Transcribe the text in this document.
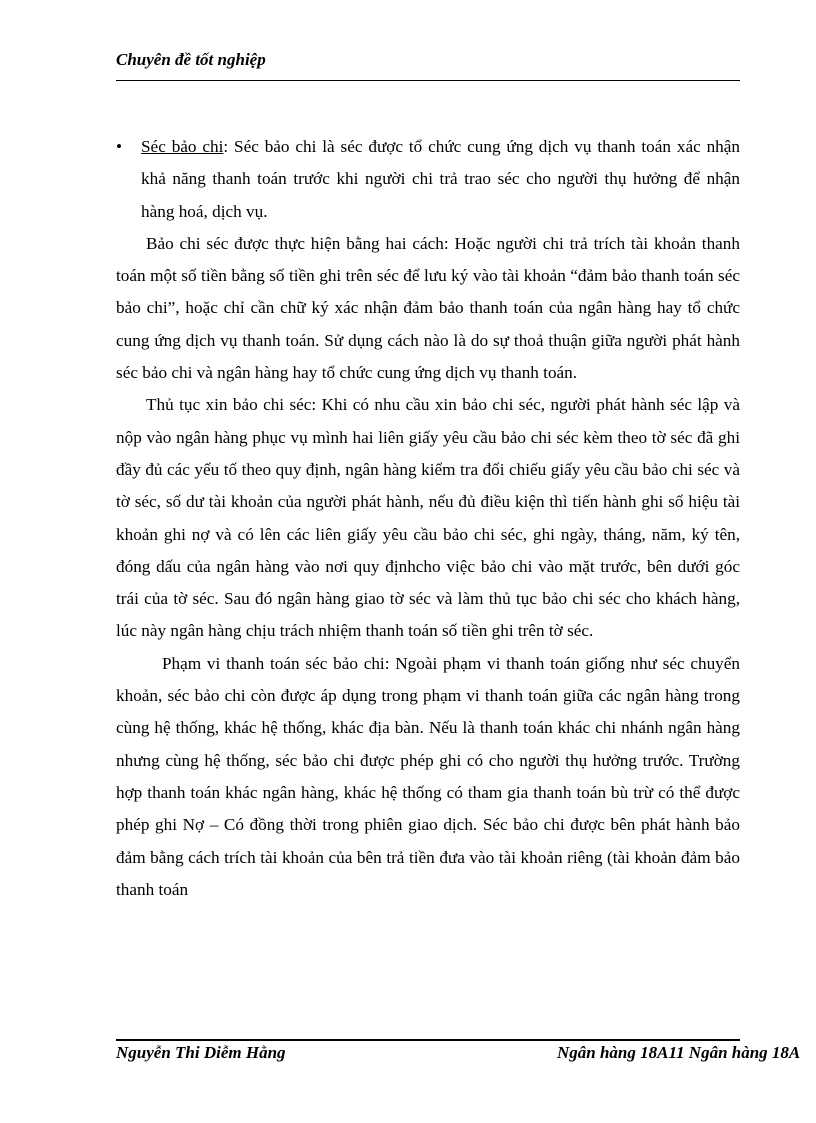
Chuyên đề tốt nghiệp
• Séc bảo chi: Séc bảo chi là séc được tổ chức cung ứng dịch vụ thanh toán xác nhận khả năng thanh toán trước khi người chi trả trao séc cho người thụ hưởng để nhận hàng hoá, dịch vụ.

Bảo chi séc được thực hiện bằng hai cách: Hoặc người chi trả trích tài khoản thanh toán một số tiền bằng số tiền ghi trên séc để lưu ký vào tài khoản “đảm bảo thanh toán séc bảo chi”, hoặc chỉ cần chữ ký xác nhận đảm bảo thanh toán của ngân hàng hay tổ chức cung ứng dịch vụ thanh toán. Sử dụng cách nào là do sự thoả thuận giữa người phát hành séc bảo chi và ngân hàng hay tổ chức cung ứng dịch vụ thanh toán.

Thủ tục xin bảo chi séc: Khi có nhu cầu xin bảo chi séc, người phát hành séc lập và nộp vào ngân hàng phục vụ mình hai liên giấy yêu cầu bảo chi séc kèm theo tờ séc đã ghi đầy đủ các yếu tố theo quy định, ngân hàng kiểm tra đối chiếu giấy yêu cầu bảo chi séc và tờ séc, số dư tài khoản của người phát hành, nếu đủ điều kiện thì tiến hành ghi số hiệu tài khoản ghi nợ và có lên các liên giấy yêu cầu bảo chi séc, ghi ngày, tháng, năm, ký tên, đóng dấu của ngân hàng vào nơi quy địnhcho việc bảo chi vào mặt trước, bên dưới góc trái của tờ séc. Sau đó ngân hàng giao tờ séc và làm thủ tục bảo chi séc cho khách hàng, lúc này ngân hàng chịu trách nhiệm thanh toán số tiền ghi trên tờ séc.

Phạm vi thanh toán séc bảo chi: Ngoài phạm vi thanh toán giống như séc chuyển khoản, séc bảo chi còn được áp dụng trong phạm vi thanh toán giữa các ngân hàng trong cùng hệ thống, khác hệ thống, khác địa bàn. Nếu là thanh toán khác chi nhánh ngân hàng nhưng cùng hệ thống, séc bảo chi được phép ghi có cho người thụ hưởng trước. Trường hợp thanh toán khác ngân hàng, khác hệ thống có tham gia thanh toán bù trừ có thể được phép ghi Nợ – Có đồng thời trong phiên giao dịch. Séc bảo chi được bên phát hành bảo đảm bằng cách trích tài khoản của bên trả tiền đưa vào tài khoản riêng (tài khoản đảm bảo thanh toán

Nguyễn Thi Diễm Hằng	Ngân hàng 18A11 Ngân hàng 18A
